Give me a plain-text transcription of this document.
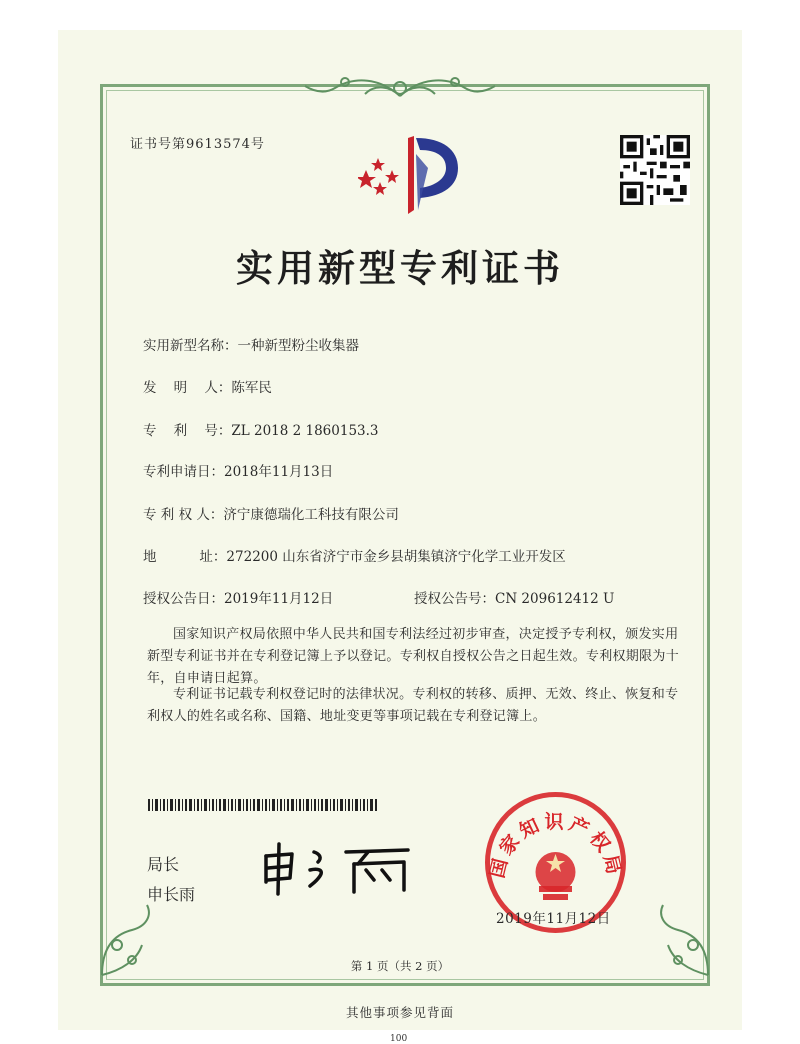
证书号第9613574号
实用新型专利证书
实用新型名称：一种新型粉尘收集器
发    明    人：陈军民
专    利    号：ZL 2018 2 1860153.3
专利申请日：2018年11月13日
专 利 权 人：济宁康德瑞化工科技有限公司
地          址：272200 山东省济宁市金乡县胡集镇济宁化学工业开发区
授权公告日：2019年11月12日	授权公告号：CN 209612412 U
国家知识产权局依照中华人民共和国专利法经过初步审查，决定授予专利权，颁发实用新型专利证书并在专利登记簿上予以登记。专利权自授权公告之日起生效。专利权期限为十年，自申请日起算。
专利证书记载专利权登记时的法律状况。专利权的转移、质押、无效、终止、恢复和专利权人的姓名或名称、国籍、地址变更等事项记载在专利登记簿上。
局长
申长雨
国家知识产权局
2019年11月12日
第 1 页（共 2 页）
其他事项参见背面
100
